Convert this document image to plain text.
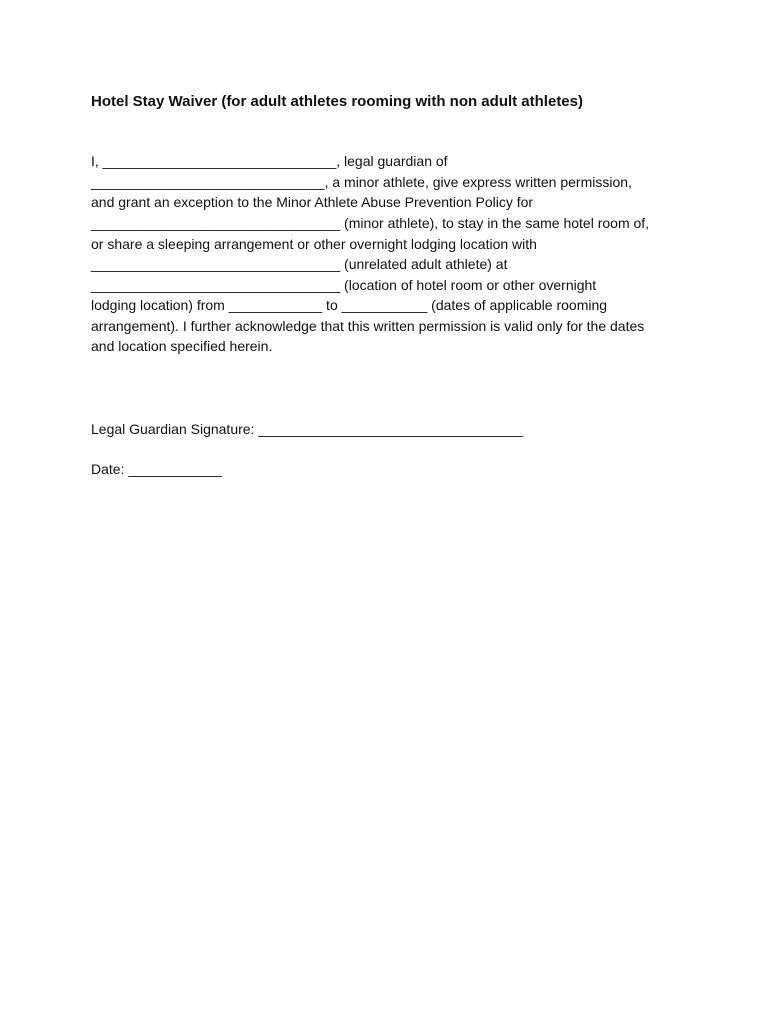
Hotel Stay Waiver (for adult athletes rooming with non adult athletes)
I, ______________________________, legal guardian of
______________________________, a minor athlete, give express written permission,
and grant an exception to the Minor Athlete Abuse Prevention Policy for
________________________________ (minor athlete), to stay in the same hotel room of,
or share a sleeping arrangement or other overnight lodging location with
________________________________ (unrelated adult athlete) at
________________________________ (location of hotel room or other overnight
lodging location) from ____________ to ___________ (dates of applicable rooming
arrangement). I further acknowledge that this written permission is valid only for the dates
and location specified herein.
Legal Guardian Signature: __________________________________
Date: ____________
